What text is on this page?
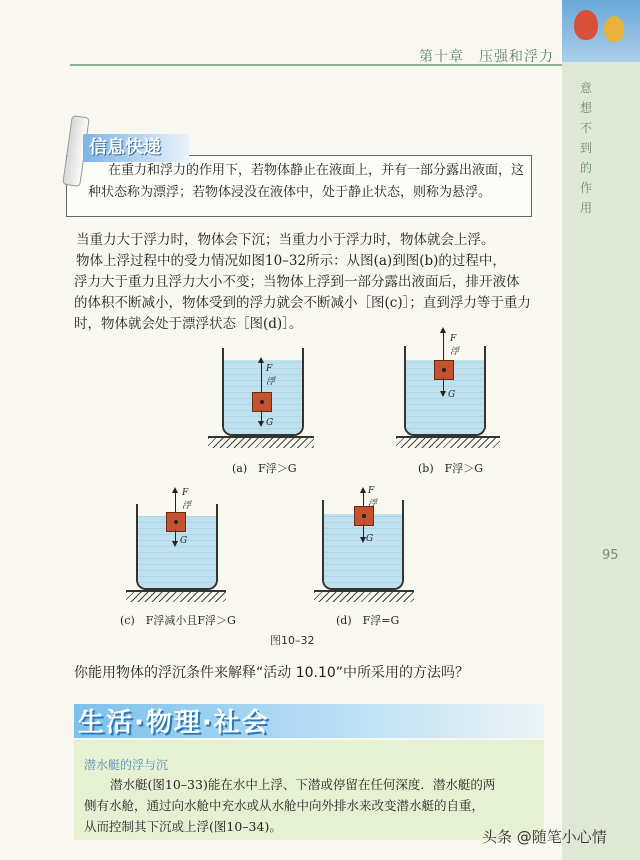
第十章　压强和浮力
意
想
不
到
的
作
用
95
信息快递

在重力和浮力的作用下，若物体静止在液面上，并有一部分露出液面，这

种状态称为漂浮；若物体浸没在液体中，处于静止状态，则称为悬浮。

当重力大于浮力时，物体会下沉；当重力小于浮力时，物体就会上浮。

物体上浮过程中的受力情况如图10–32所示：从图(a)到图(b)的过程中，

浮力大于重力且浮力大小不变；当物体上浮到一部分露出液面后，排开液体

的体积不断减小，物体受到的浮力就会不断减小［图(c)］；直到浮力等于重力

时，物体就会处于漂浮状态［图(d)］。

F浮
G
(a)　F浮＞G
F浮
G
(b)　F浮＞G
F浮
G
(c)　F浮减小且F浮＞G
F浮
G
(d)　F浮=G
图10–32
你能用物体的浮沉条件来解释“活动 10.10”中所采用的方法吗？
生活·物理·社会
潜水艇的浮与沉

潜水艇(图10–33)能在水中上浮、下潜或停留在任何深度．潜水艇的两

侧有水舱，通过向水舱中充水或从水舱中向外排水来改变潜水艇的自重，

从而控制其下沉或上浮(图10–34)。

头条 @随笔小心情
